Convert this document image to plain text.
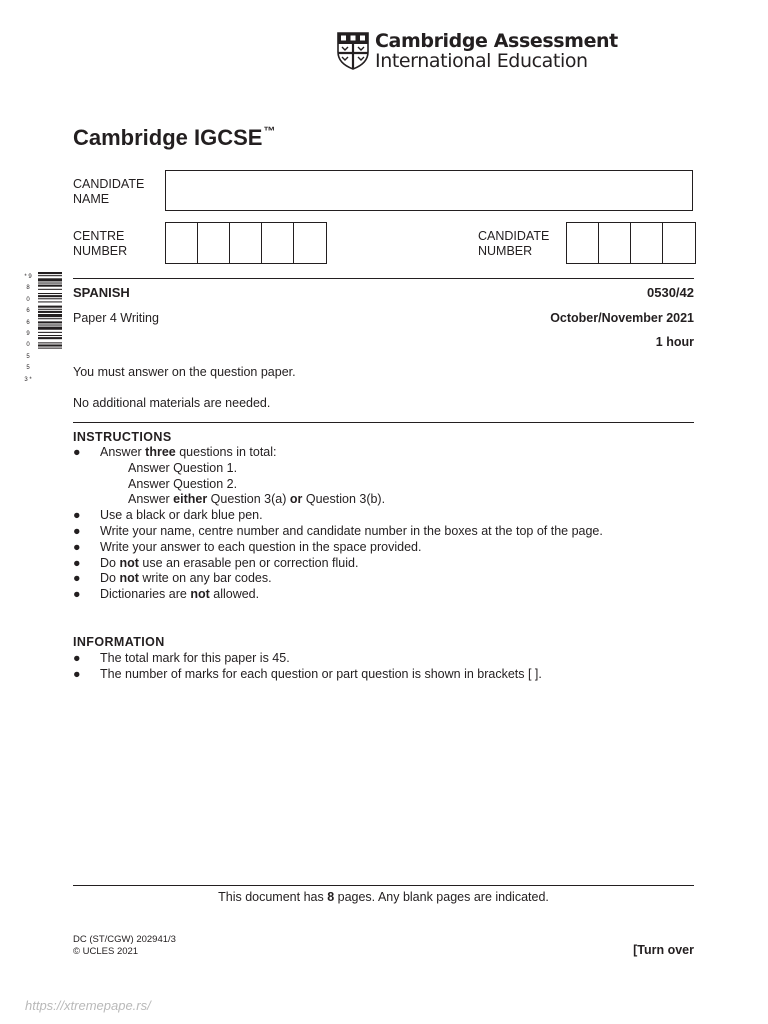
Cambridge Assessment
International Education
Cambridge IGCSE™
CANDIDATE
NAME
CENTRE
NUMBER
CANDIDATE
NUMBER
* 9 8 0 6 6 9 0 5 5 3 *
SPANISH	0530/42
Paper 4 Writing	October/November 2021
1 hour
You must answer on the question paper.
No additional materials are needed.
INSTRUCTIONS
● Answer three questions in total:
Answer Question 1.
Answer Question 2.
Answer either Question 3(a) or Question 3(b).
● Use a black or dark blue pen.
● Write your name, centre number and candidate number in the boxes at the top of the page.
● Write your answer to each question in the space provided.
● Do not use an erasable pen or correction fluid.
● Do not write on any bar codes.
● Dictionaries are not allowed.
INFORMATION
● The total mark for this paper is 45.
● The number of marks for each question or part question is shown in brackets [ ].
This document has 8 pages. Any blank pages are indicated.
DC (ST/CGW) 202941/3
© UCLES 2021	[Turn over
https://xtremepape.rs/
